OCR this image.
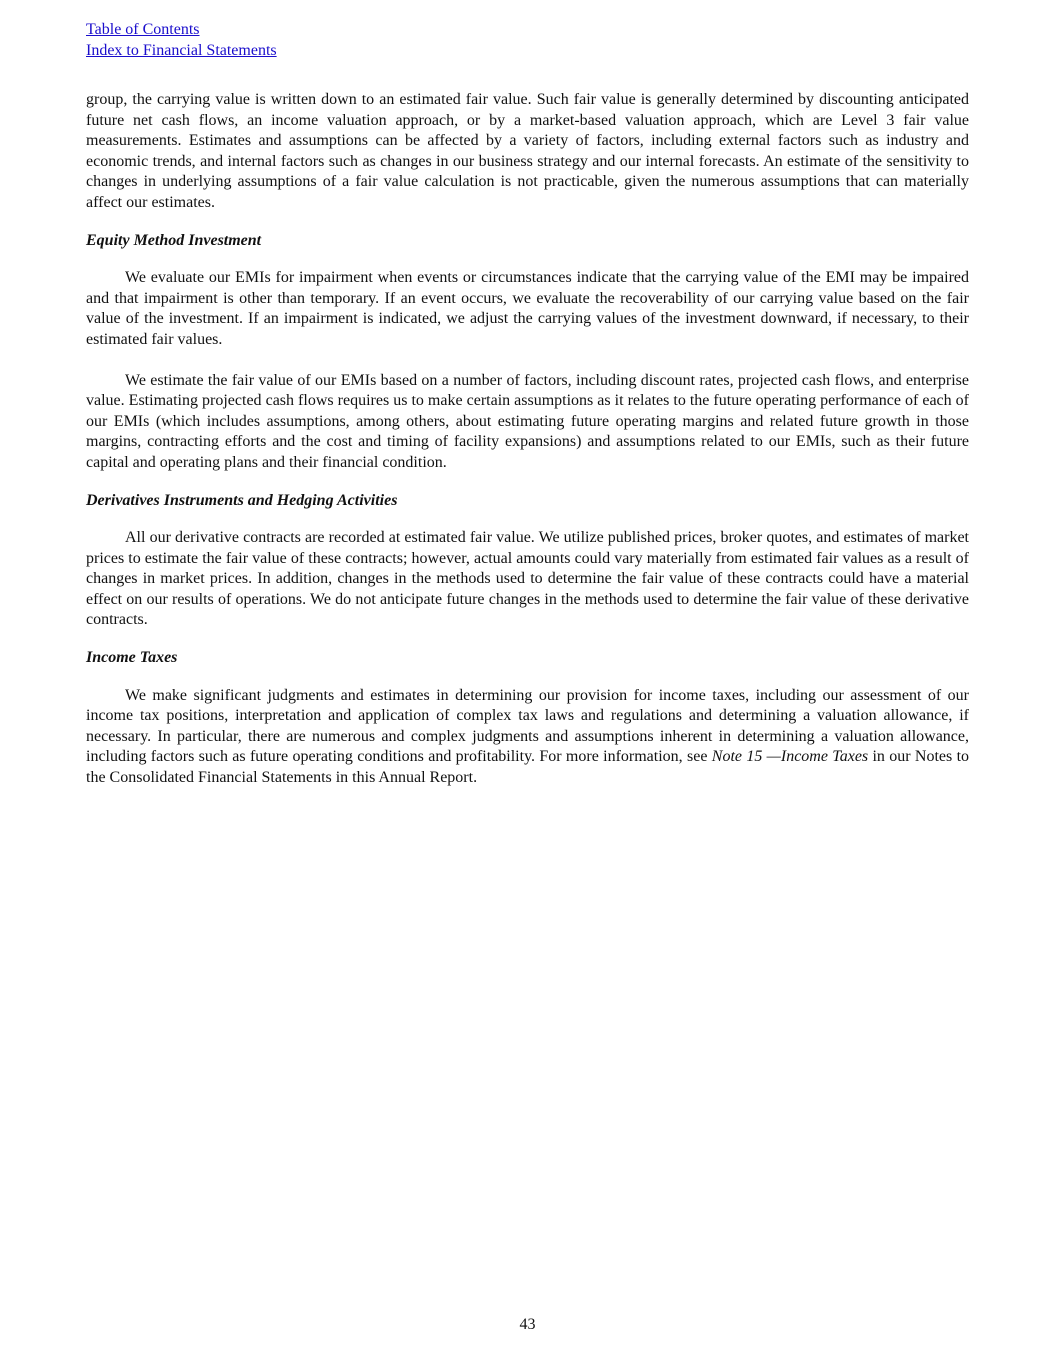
Table of Contents
Index to Financial Statements

group, the carrying value is written down to an estimated fair value. Such fair value is generally determined by discounting anticipated future net cash flows, an income valuation approach, or by a market-based valuation approach, which are Level 3 fair value measurements. Estimates and assumptions can be affected by a variety of factors, including external factors such as industry and economic trends, and internal factors such as changes in our business strategy and our internal forecasts. An estimate of the sensitivity to changes in underlying assumptions of a fair value calculation is not practicable, given the numerous assumptions that can materially affect our estimates.

Equity Method Investment

We evaluate our EMIs for impairment when events or circumstances indicate that the carrying value of the EMI may be impaired and that impairment is other than temporary. If an event occurs, we evaluate the recoverability of our carrying value based on the fair value of the investment. If an impairment is indicated, we adjust the carrying values of the investment downward, if necessary, to their estimated fair values.

We estimate the fair value of our EMIs based on a number of factors, including discount rates, projected cash flows, and enterprise value. Estimating projected cash flows requires us to make certain assumptions as it relates to the future operating performance of each of our EMIs (which includes assumptions, among others, about estimating future operating margins and related future growth in those margins, contracting efforts and the cost and timing of facility expansions) and assumptions related to our EMIs, such as their future capital and operating plans and their financial condition.

Derivatives Instruments and Hedging Activities

All our derivative contracts are recorded at estimated fair value. We utilize published prices, broker quotes, and estimates of market prices to estimate the fair value of these contracts; however, actual amounts could vary materially from estimated fair values as a result of changes in market prices. In addition, changes in the methods used to determine the fair value of these contracts could have a material effect on our results of operations. We do not anticipate future changes in the methods used to determine the fair value of these derivative contracts.

Income Taxes

We make significant judgments and estimates in determining our provision for income taxes, including our assessment of our income tax positions, interpretation and application of complex tax laws and regulations and determining a valuation allowance, if necessary. In particular, there are numerous and complex judgments and assumptions inherent in determining a valuation allowance, including factors such as future operating conditions and profitability. For more information, see Note 15 —Income Taxes in our Notes to the Consolidated Financial Statements in this Annual Report.

43
